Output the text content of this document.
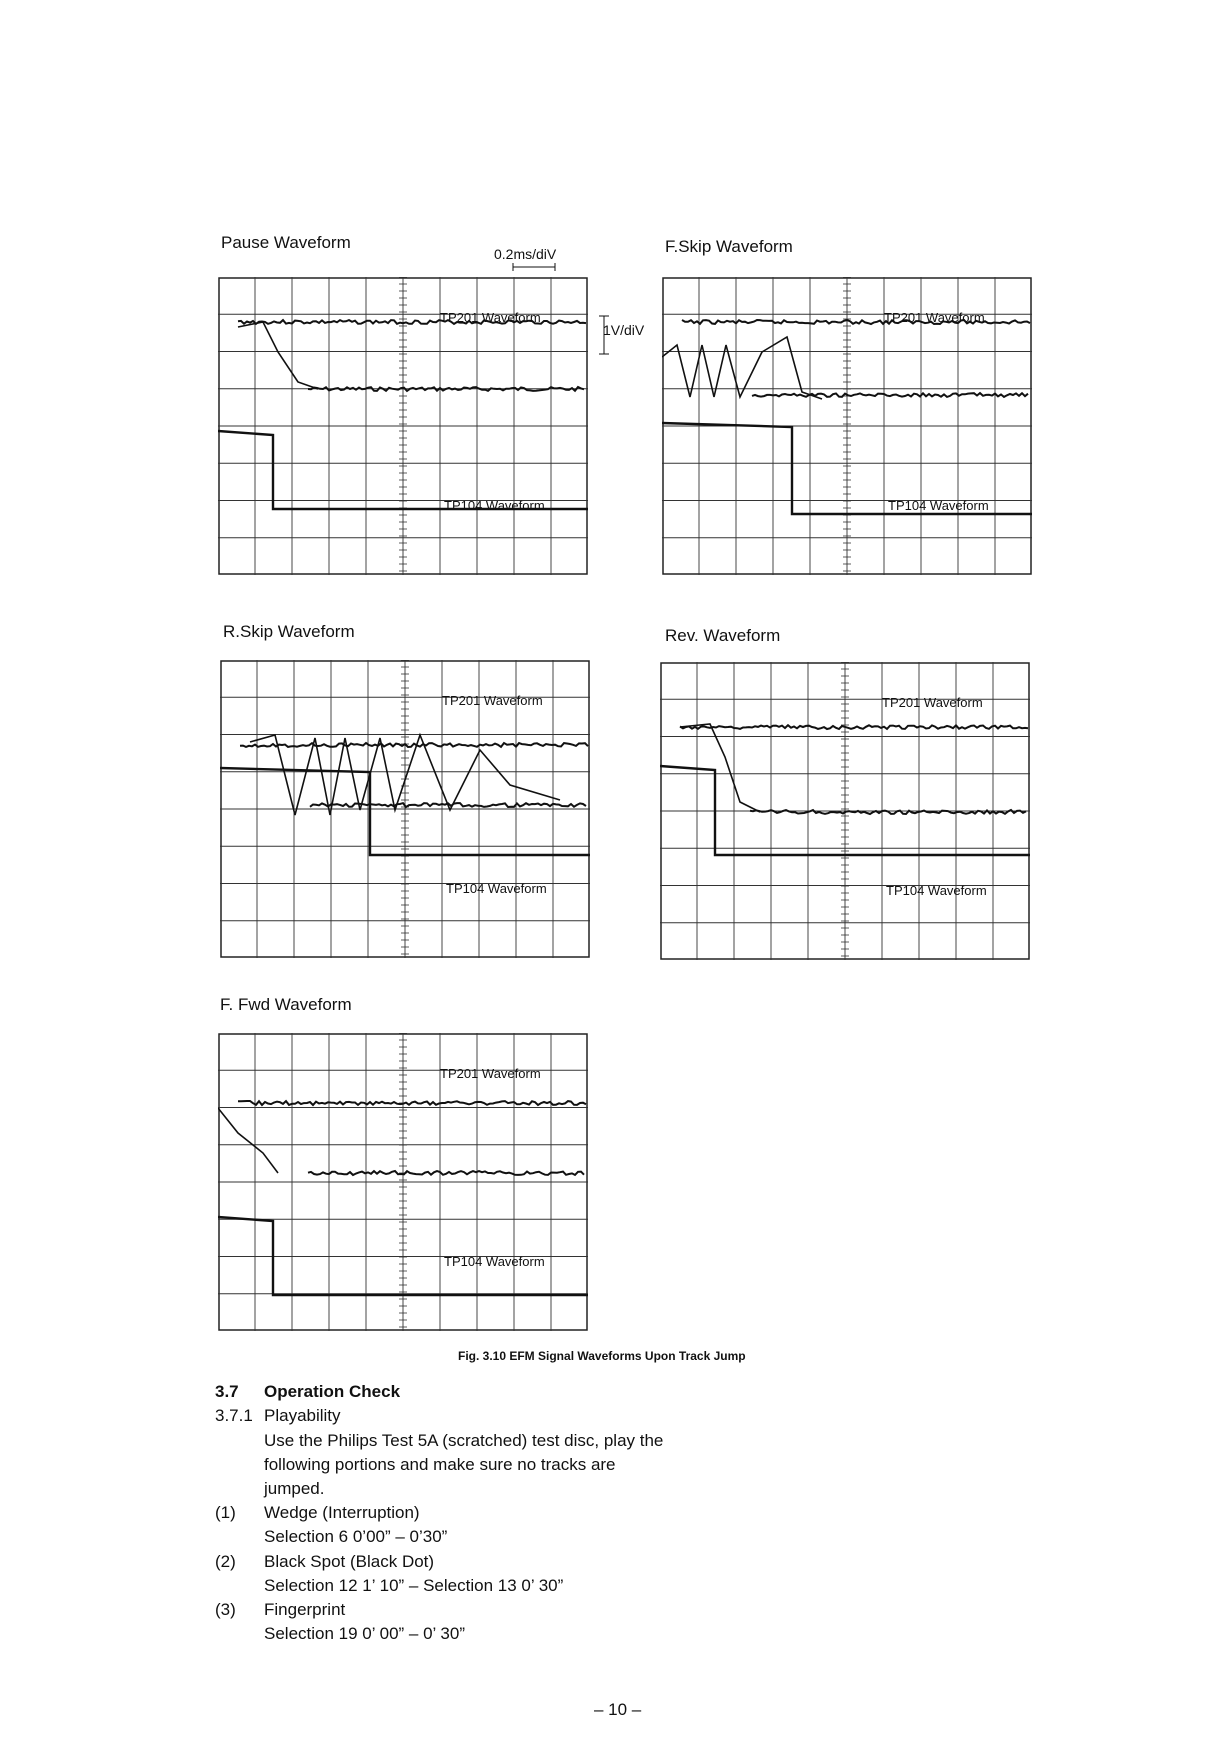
0.2ms/diV
1V/diV
Pause Waveform	F.Skip Waveform
R.Skip Waveform	Rev. Waveform
F. Fwd Waveform
TP201 Waveform
TP104 Waveform
TP201 Waveform
TP104 Waveform
TP201 Waveform
TP104 Waveform
TP201 Waveform
TP104 Waveform
TP201 Waveform
TP104 Waveform
Fig. 3.10 EFM Signal Waveforms Upon Track Jump
3.7 Operation Check
3.7.1 Playability
Use the Philips Test 5A (scratched) test disc, play the
following portions and make sure no tracks are
jumped.
(1) Wedge (Interruption)
Selection 6 0’00” – 0’30”
(2) Black Spot (Black Dot)
Selection 12 1’ 10” – Selection 13 0’ 30”
(3) Fingerprint
Selection 19 0’ 00” – 0’ 30”
– 10 –
